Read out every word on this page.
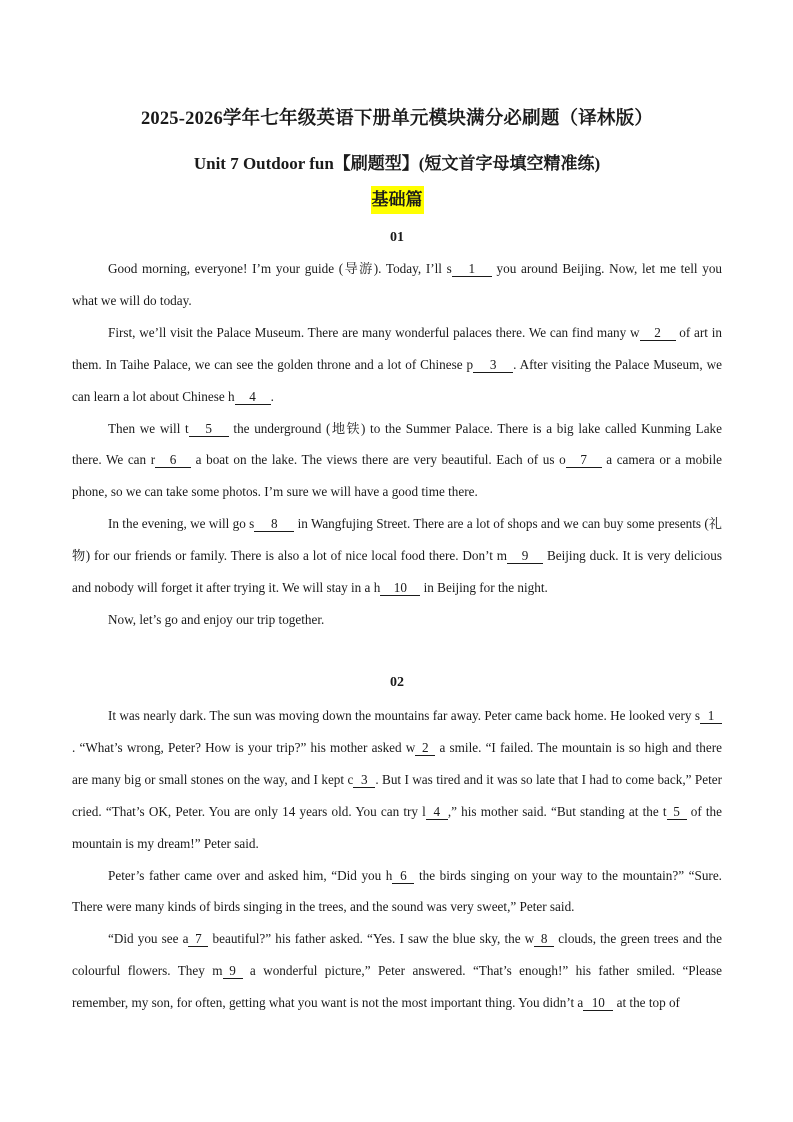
2025-2026学年七年级英语下册单元模块满分必刷题（译林版）
Unit 7 Outdoor fun【刷题型】(短文首字母填空精准练)
基础篇
01

Good morning, everyone! I’m your guide (导游). Today, I’ll s 1 you around Beijing. Now, let me tell you what we will do today.

First, we’ll visit the Palace Museum. There are many wonderful palaces there. We can find many w 2 of art in them. In Taihe Palace, we can see the golden throne and a lot of Chinese p 3 . After visiting the Palace Museum, we can learn a lot about Chinese h 4 .

Then we will t 5 the underground (地铁) to the Summer Palace. There is a big lake called Kunming Lake there. We can r 6 a boat on the lake. The views there are very beautiful. Each of us o 7 a camera or a mobile phone, so we can take some photos. I’m sure we will have a good time there.

In the evening, we will go s 8 in Wangfujing Street. There are a lot of shops and we can buy some presents (礼物) for our friends or family. There is also a lot of nice local food there. Don’t m 9 Beijing duck. It is very delicious and nobody will forget it after trying it. We will stay in a h 10 in Beijing for the night.

Now, let’s go and enjoy our trip together.

02

It was nearly dark. The sun was moving down the mountains far away. Peter came back home. He looked very s 1. “What’s wrong, Peter? How is your trip?” his mother asked w 2 a smile. “I failed. The mountain is so high and there are many big or small stones on the way, and I kept c 3 . But I was tired and it was so late that I had to come back,” Peter cried. “That’s OK, Peter. You are only 14 years old. You can try l 4 ,” his mother said. “But standing at the t 5 of the mountain is my dream!” Peter said.

Peter’s father came over and asked him, “Did you h 6 the birds singing on your way to the mountain?” “Sure. There were many kinds of birds singing in the trees, and the sound was very sweet,” Peter said.

“Did you see a 7 beautiful?” his father asked. “Yes. I saw the blue sky, the w 8 clouds, the green trees and the colourful flowers. They m 9 a wonderful picture,” Peter answered. “That’s enough!” his father smiled. “Please remember, my son, for often, getting what you want is not the most important thing. You didn’t a 10 at the top of
